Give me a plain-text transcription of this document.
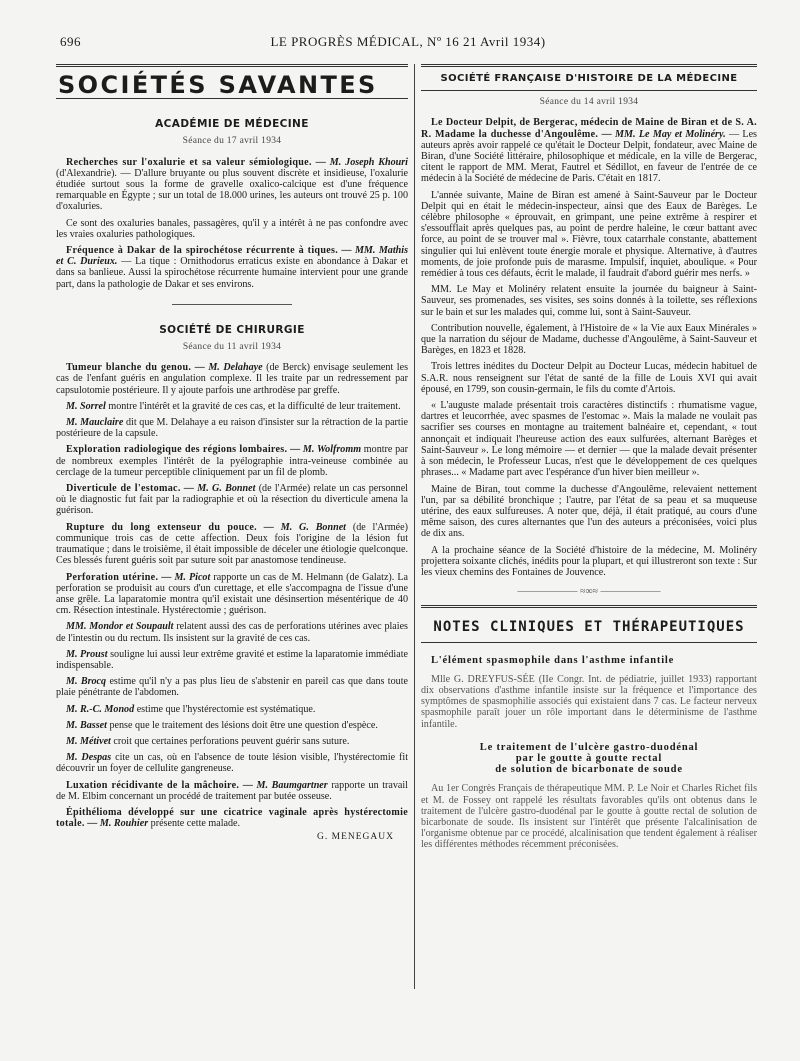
696	LE PROGRÈS MÉDICAL, Nº 16 21 Avril 1934)
SOCIÉTÉS SAVANTES
ACADÉMIE DE MÉDECINE
Séance du 17 avril 1934

Recherches sur l'oxalurie et sa valeur sémiologique. — M. Joseph Khouri (d'Alexandrie). — D'allure bruyante ou plus souvent discrète et insidieuse, l'oxalurie étudiée surtout sous la forme de gravelle oxalico-calcique est d'une fréquence remarquable en Égypte ; sur un total de 18.000 urines, les auteurs ont trouvé 25 p. 100 d'oxaluries.

Ce sont des oxaluries banales, passagères, qu'il y a intérêt à ne pas confondre avec les vraies oxaluries pathologiques.

Fréquence à Dakar de la spirochétose récurrente à tiques. — MM. Mathis et C. Durieux. — La tique : Ornithodorus erraticus existe en abondance à Dakar et dans sa banlieue. Aussi la spirochétose récurrente humaine intervient pour une grande part, dans la pathologie de Dakar et ses environs.

SOCIÉTÉ DE CHIRURGIE
Séance du 11 avril 1934

Tumeur blanche du genou. — M. Delahaye (de Berck) envisage seulement les cas de l'enfant guéris en angulation complexe. Il les traite par un redressement par capsulotomie postérieure. Il y ajoute parfois une arthrodèse par greffe.

M. Sorrel montre l'intérêt et la gravité de ces cas, et la difficulté de leur traitement.

M. Mauclaire dit que M. Delahaye a eu raison d'insister sur la rétraction de la partie postérieure de la capsule.

Exploration radiologique des régions lombaires. — M. Wolfromm montre par de nombreux exemples l'intérêt de la pyélographie intra-veineuse combinée au cerclage de la tumeur perceptible cliniquement par un fil de plomb.

Diverticule de l'estomac. — M. G. Bonnet (de l'Armée) relate un cas personnel où le diagnostic fut fait par la radiographie et où la résection du diverticule amena la guérison.

Rupture du long extenseur du pouce. — M. G. Bonnet (de l'Armée) communique trois cas de cette affection. Deux fois l'origine de la lésion fut traumatique ; dans le troisième, il était impossible de déceler une étiologie quelconque. Ces blessés furent guéris soit par suture soit par anastomose tendineuse.

Perforation utérine. — M. Picot rapporte un cas de M. Helmann (de Galatz). La perforation se produisit au cours d'un curettage, et elle s'accompagna de l'issue d'une anse grêle. La laparatomie montra qu'il existait une désinsertion mésentérique de 40 cm. Résection intestinale. Hystérectomie ; guérison.

MM. Mondor et Soupault relatent aussi des cas de perforations utérines avec plaies de l'intestin ou du rectum. Ils insistent sur la gravité de ces cas.

M. Proust souligne lui aussi leur extrême gravité et estime la laparatomie immédiate indispensable.

M. Brocq estime qu'il n'y a pas plus lieu de s'abstenir en pareil cas que dans toute plaie pénétrante de l'abdomen.

M. R.-C. Monod estime que l'hystérectomie est systématique.

M. Basset pense que le traitement des lésions doit être une question d'espèce.

M. Métivet croit que certaines perforations peuvent guérir sans suture.

M. Despas cite un cas, où en l'absence de toute lésion visible, l'hystérectomie fit découvrir un foyer de cellulite gangreneuse.

Luxation récidivante de la mâchoire. — M. Baumgartner rapporte un travail de M. Elbim concernant un procédé de traitement par butée osseuse.

Épithélioma développé sur une cicatrice vaginale après hystérectomie totale. — M. Rouhier présente cette malade.

G. MENEGAUX
SOCIÉTÉ FRANÇAISE D'HISTOIRE DE LA MÉDECINE
Séance du 14 avril 1934

Le Docteur Delpit, de Bergerac, médecin de Maine de Biran et de S. A. R. Madame la duchesse d'Angoulême. — MM. Le May et Molinéry. — Les auteurs après avoir rappelé ce qu'était le Docteur Delpit, fondateur, avec Maine de Biran, d'une Société littéraire, philosophique et médicale, en la ville de Bergerac, citent le rapport de MM. Merat, Fautrel et Sédillot, en faveur de l'entrée de ce médecin à la Société de médecine de Paris. C'était en 1817.

L'année suivante, Maine de Biran est amené à Saint-Sauveur par le Docteur Delpit qui en était le médecin-inspecteur, ainsi que des Eaux de Barèges. Le célèbre philosophe « éprouvait, en grimpant, une peine extrême à respirer et s'essoufflait après quelques pas, au point de perdre haleine, le cœur battant avec force, au point de se trouver mal ». Fièvre, toux catarrhale constante, abattement singulier qui lui enlèvent toute énergie morale et physique. Alternative, à d'autres moments, de joie profonde puis de marasme. Impulsif, inquiet, aboulique. « Pour remédier à tous ces défauts, écrit le malade, il faudrait d'abord guérir mes nerfs. »

MM. Le May et Molinéry relatent ensuite la journée du baigneur à Saint-Sauveur, ses promenades, ses visites, ses soins donnés à la toilette, ses réflexions sur le bain et sur les malades qui, comme lui, sont à Saint-Sauveur.

Contribution nouvelle, également, à l'Histoire de « la Vie aux Eaux Minérales » que la narration du séjour de Madame, duchesse d'Angoulême, à Saint-Sauveur et Barèges, en 1823 et 1828.

Trois lettres inédites du Docteur Delpit au Docteur Lucas, médecin habituel de S.A.R. nous renseignent sur l'état de santé de la fille de Louis XVI qui avait épousé, en 1799, son cousin-germain, le fils du comte d'Artois.

« L'auguste malade présentait trois caractères distinctifs : rhumatisme vague, dartres et leucorrhée, avec spasmes de l'estomac ». Mais la malade ne voulait pas sacrifier ses courses en montagne au traitement balnéaire et, cependant, « tout annonçait et indiquait l'heureuse action des eaux sulfurées, alternant Barèges et Saint-Sauveur ». Le long mémoire — et dernier — que la malade devait présenter à son médecin, le Professeur Lucas, n'est que le développement de ces quelques phrases... « Madame part avec l'espérance d'un hiver bien meilleur ».

Maine de Biran, tout comme la duchesse d'Angoulême, relevaient nettement l'un, par sa débilité bronchique ; l'autre, par l'état de sa peau et sa muqueuse utérine, des eaux sulfureuses. A noter que, déjà, il était pratiqué, au cours d'une même saison, des cures alternantes que l'un des auteurs a préconisées, voici plus de dix ans.

A la prochaine séance de la Société d'histoire de la médecine, M. Molinéry projettera soixante clichés, inédits pour la plupart, et qui illustreront son texte : Sur les vieux chemins des Fontaines de Jouvence.

—————— ≈∞≈ ——————
NOTES CLINIQUES ET THÉRAPEUTIQUES
L'élément spasmophile dans l'asthme infantile

Mlle G. DREYFUS-SÉE (IIe Congr. Int. de pédiatrie, juillet 1933) rapportant dix observations d'asthme infantile insiste sur la fréquence et l'importance des symptômes de spasmophilie associés qui existaient dans 7 cas. Le facteur nerveux spasmophile paraît jouer un rôle important dans le déterminisme de l'asthme infantile.

Le traitement de l'ulcère gastro-duodénal
par le goutte à goutte rectal
de solution de bicarbonate de soude

Au 1er Congrès Français de thérapeutique MM. P. Le Noir et Charles Richet fils et M. de Fossey ont rappelé les résultats favorables qu'ils ont obtenus dans le traitement de l'ulcère gastro-duodénal par le goutte à goutte rectal de solution de bicarbonate de soude. Ils insistent sur l'intérêt que présente l'alcalinisation de l'organisme obtenue par ce procédé, alcalinisation que tendent également à réaliser les différentes méthodes récemment préconisées.
